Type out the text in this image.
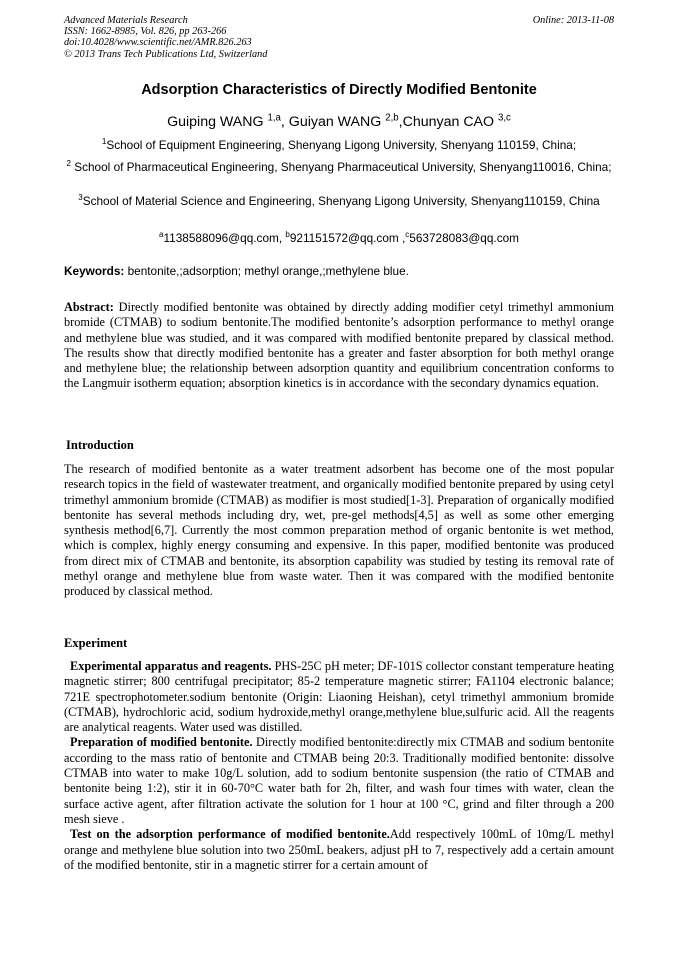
Advanced Materials Research
ISSN: 1662-8985, Vol. 826, pp 263-266
doi:10.4028/www.scientific.net/AMR.826.263
© 2013 Trans Tech Publications Ltd, Switzerland
Online: 2013-11-08
Adsorption Characteristics of Directly Modified Bentonite
Guiping WANG $^{1,a}$, Guiyan WANG $^{2,b}$,Chunyan CAO $^{3,c}$
$^1$School of Equipment Engineering, Shenyang Ligong University, Shenyang 110159, China;
$^2$ School of Pharmaceutical Engineering, Shenyang Pharmaceutical University, Shenyang110016, China;
$^3$School of Material Science and Engineering, Shenyang Ligong University, Shenyang110159, China
$^a$1138588096@qq.com, $^b$921151572@qq.com ,$^c$563728083@qq.com
Keywords: bentonite,;adsorption; methyl orange,;methylene blue.
Abstract: Directly modified bentonite was obtained by directly adding modifier cetyl trimethyl ammonium bromide (CTMAB) to sodium bentonite.The modified bentonite’s adsorption performance to methyl orange and methylene blue was studied, and it was compared with modified bentonite prepared by classical method. The results show that directly modified bentonite has a greater and faster absorption for both methyl orange and methylene blue; the relationship between adsorption quantity and equilibrium concentration conforms to the Langmuir isotherm equation; absorption kinetics is in accordance with the secondary dynamics equation.
Introduction
The research of modified bentonite as a water treatment adsorbent has become one of the most popular research topics in the field of wastewater treatment, and organically modified bentonite prepared by using cetyl trimethyl ammonium bromide (CTMAB) as modifier is most studied[1-3]. Preparation of organically modified bentonite has several methods including dry, wet, pre-gel methods[4,5] as well as some other emerging synthesis method[6,7]. Currently the most common preparation method of organic bentonite is wet method, which is complex, highly energy consuming and expensive. In this paper, modified bentonite was produced from direct mix of CTMAB and bentonite, its absorption capability was studied by testing its removal rate of methyl orange and methylene blue from waste water. Then it was compared with the modified bentonite produced by classical method.
Experiment

Experimental apparatus and reagents. PHS-25C pH meter; DF-101S collector constant temperature heating magnetic stirrer; 800 centrifugal precipitator; 85-2 temperature magnetic stirrer; FA1104 electronic balance; 721E spectrophotometer.sodium bentonite (Origin: Liaoning Heishan), cetyl trimethyl ammonium bromide (CTMAB), hydrochloric acid, sodium hydroxide,methyl orange,methylene blue,sulfuric acid. All the reagents are analytical reagents. Water used was distilled.

Preparation of modified bentonite. Directly modified bentonite:directly mix CTMAB and sodium bentonite according to the mass ratio of bentonite and CTMAB being 20:3. Traditionally modified bentonite: dissolve CTMAB into water to make 10g/L solution, add to sodium bentonite suspension (the ratio of CTMAB and bentonite being 1:2), stir it in 60-70°C water bath for 2h, filter, and wash four times with water, clean the surface active agent, after filtration activate the solution for 1 hour at 100 °C, grind and filter through a 200 mesh sieve .

Test on the adsorption performance of modified bentonite.Add respectively 100mL of 10mg/L methyl orange and methylene blue solution into two 250mL beakers, adjust pH to 7, respectively add a certain amount of the modified bentonite, stir in a magnetic stirrer for a certain amount of
